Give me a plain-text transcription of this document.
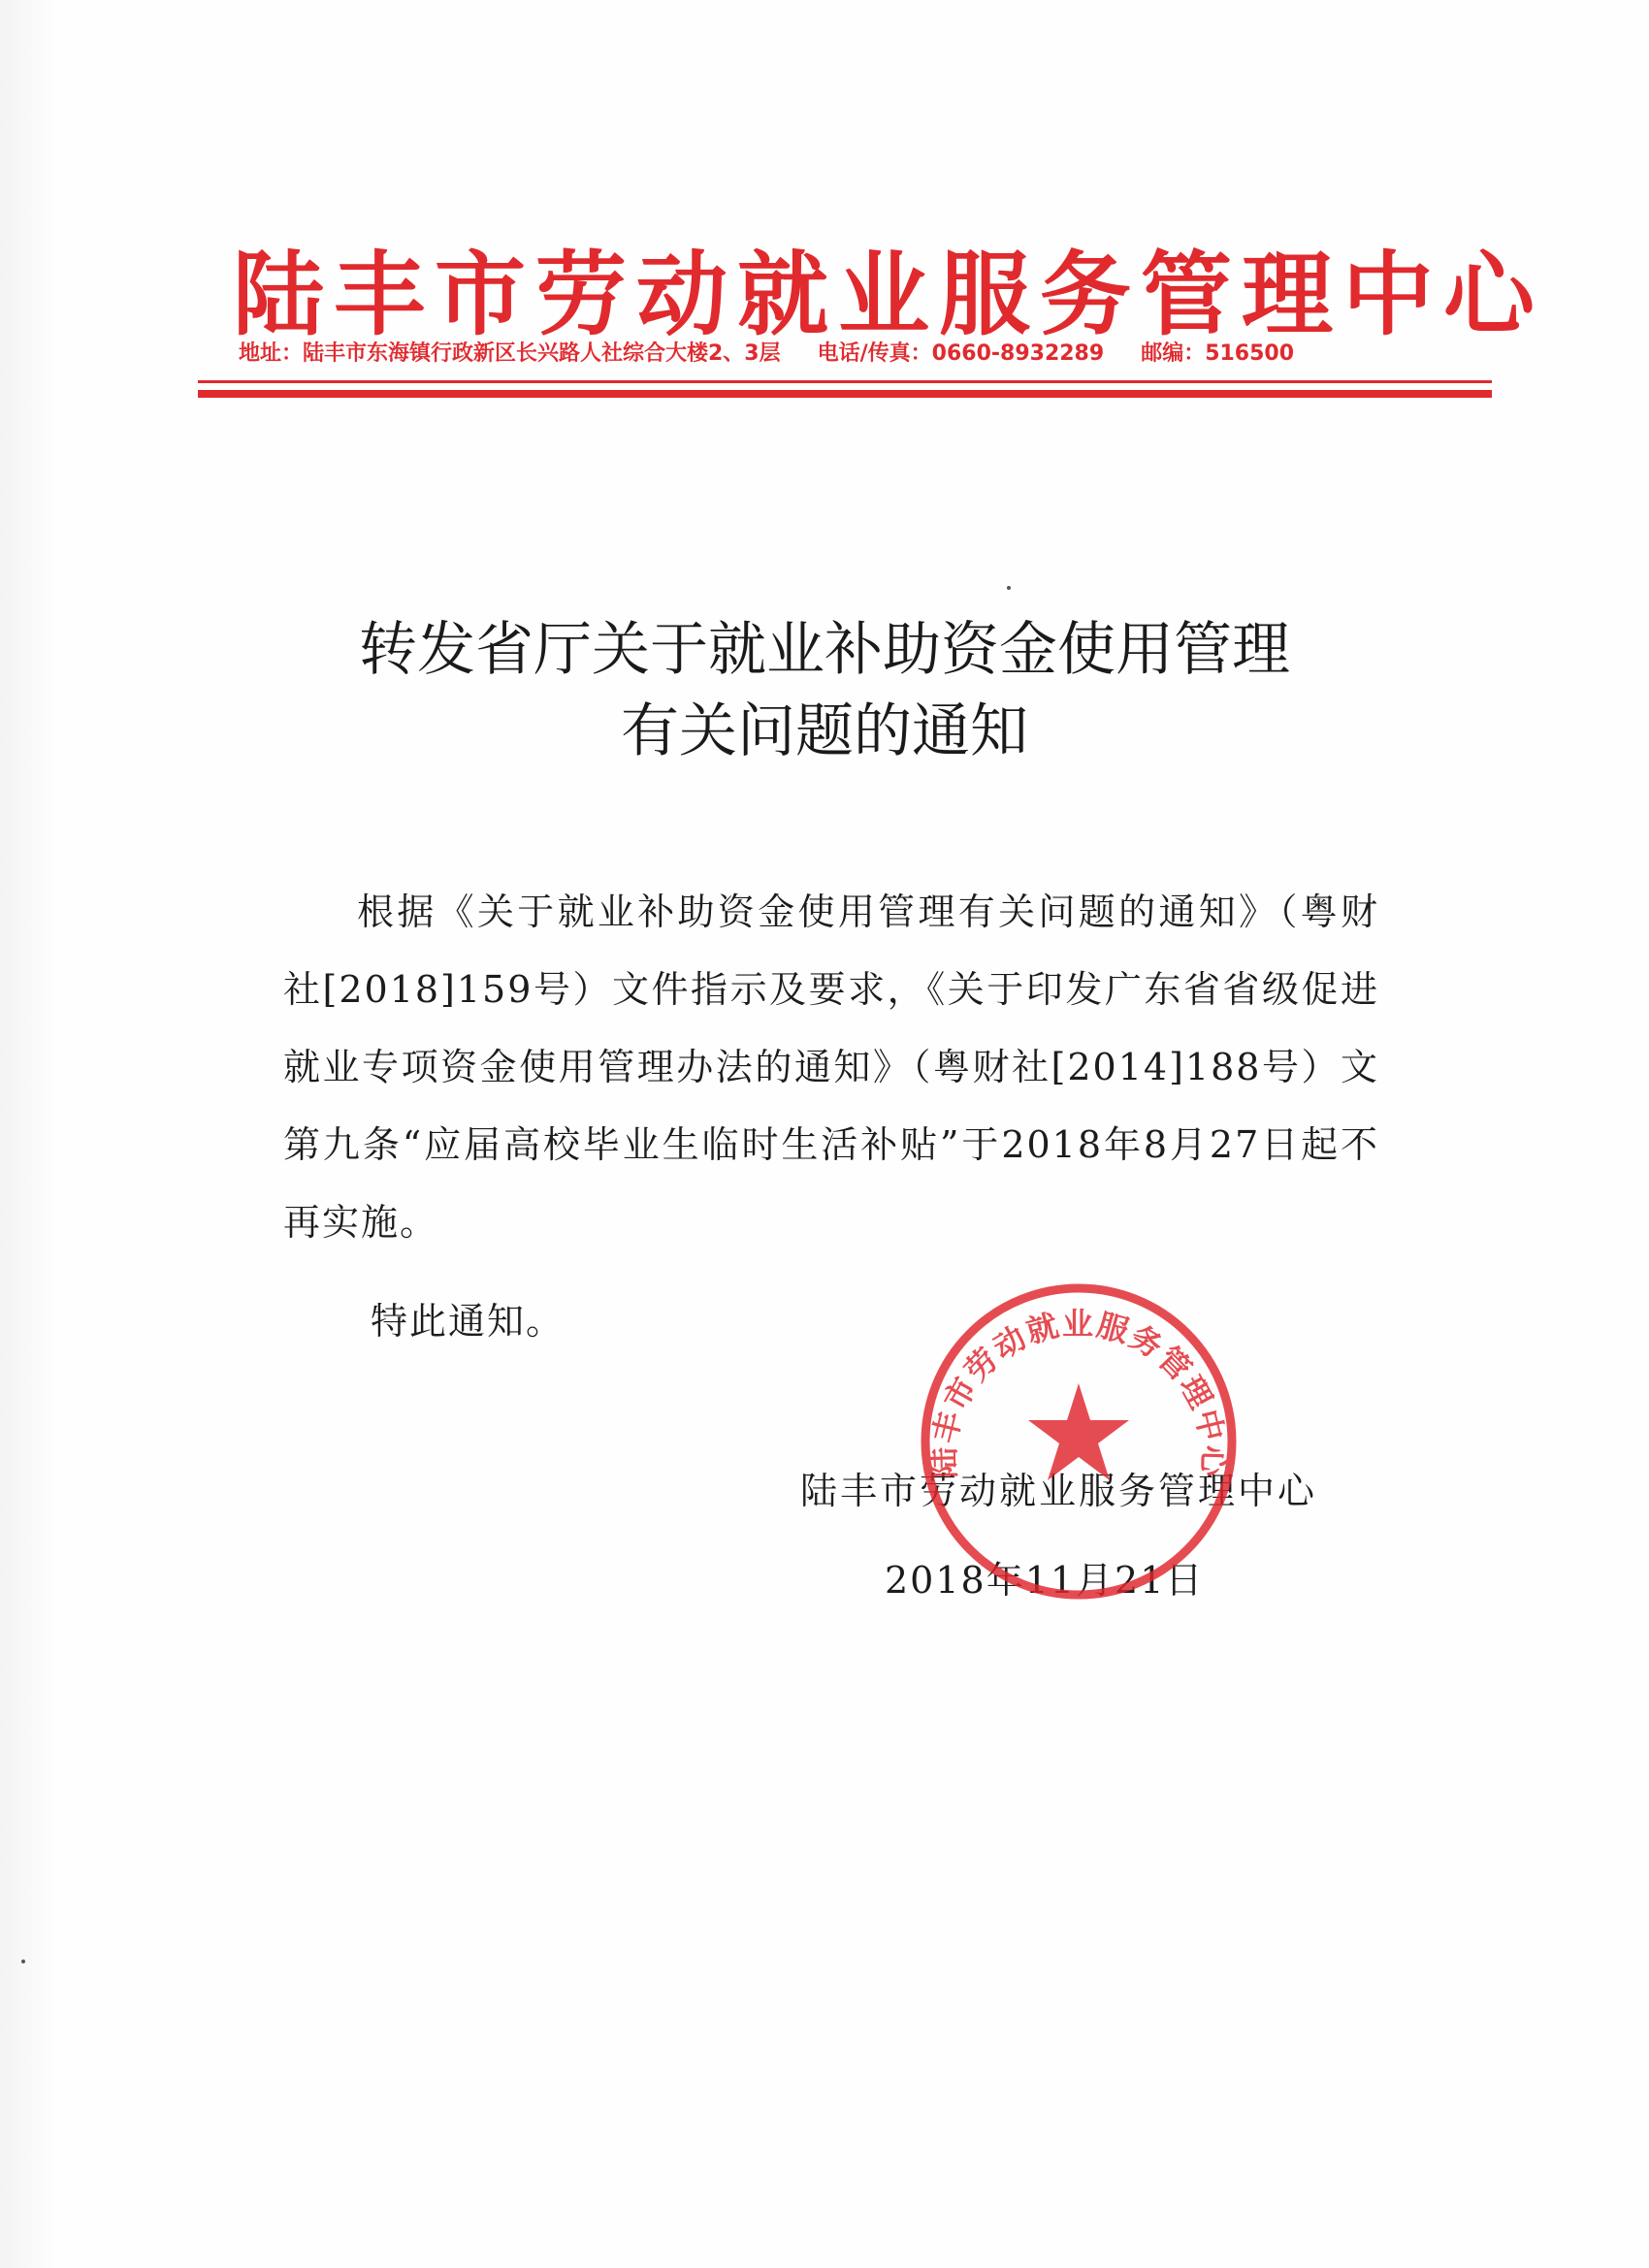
陆丰市劳动就业服务管理中心
地址：陆丰市东海镇行政新区长兴路人社综合大楼2、3层 电话/传真：0660-8932289 邮编：516500
转发省厅关于就业补助资金使用管理
有关问题的通知

根据《关于就业补助资金使用管理有关问题的通知》（粤财社[2018]159号）文件指示及要求，《关于印发广东省省级促进就业专项资金使用管理办法的通知》（粤财社[2014]188号）文第九条“应届高校毕业生临时生活补贴”于2018年8月27日起不再实施。

特此通知。
陆丰市劳动就业服务管理中心
2018年11月21日
陆丰市劳动就业服务管理中心
